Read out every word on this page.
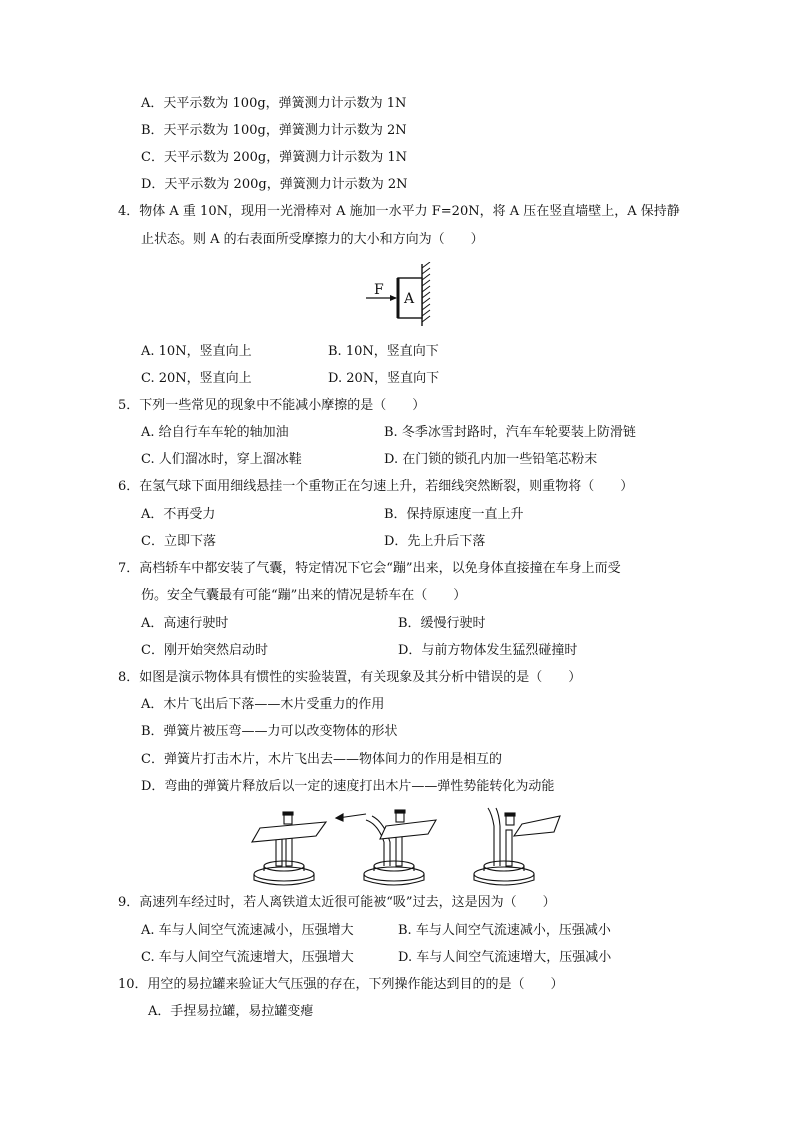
A．天平示数为 100g，弹簧测力计示数为 1N
B．天平示数为 100g，弹簧测力计示数为 2N
C．天平示数为 200g，弹簧测力计示数为 1N
D．天平示数为 200g，弹簧测力计示数为 2N
4．物体 A 重 10N，现用一光滑棒对 A 施加一水平力 F=20N，将 A 压在竖直墙壁上，A 保持静
止状态。则 A 的右表面所受摩擦力的大小和方向为（　　）
F
A
A. 10N，竖直向上	B. 10N，竖直向下
C. 20N，竖直向上	D. 20N，竖直向下
5．下列一些常见的现象中不能减小摩擦的是（　　）
A. 给自行车车轮的轴加油	B. 冬季冰雪封路时，汽车车轮要装上防滑链
C. 人们溜冰时，穿上溜冰鞋	D. 在门锁的锁孔内加一些铅笔芯粉末
6．在氢气球下面用细线悬挂一个重物正在匀速上升，若细线突然断裂，则重物将（　　）
A．不再受力	B．保持原速度一直上升
C．立即下落	D．先上升后下落
7．高档轿车中都安装了气囊，特定情况下它会“蹦”出来，以免身体直接撞在车身上而受
伤。安全气囊最有可能“蹦”出来的情况是轿车在（　　）
A．高速行驶时	B．缓慢行驶时
C．刚开始突然启动时	D．与前方物体发生猛烈碰撞时
8．如图是演示物体具有惯性的实验装置，有关现象及其分析中错误的是（　　）
A．木片飞出后下落——木片受重力的作用
B．弹簧片被压弯——力可以改变物体的形状
C．弹簧片打击木片，木片飞出去——物体间力的作用是相互的
D．弯曲的弹簧片释放后以一定的速度打出木片——弹性势能转化为动能
9．高速列车经过时，若人离铁道太近很可能被“吸”过去，这是因为（　　）
A. 车与人间空气流速减小，压强增大	B. 车与人间空气流速减小，压强减小
C. 车与人间空气流速增大，压强增大	D. 车与人间空气流速增大，压强减小
10．用空的易拉罐来验证大气压强的存在，下列操作能达到目的的是（　　）
A．手捏易拉罐，易拉罐变瘪
